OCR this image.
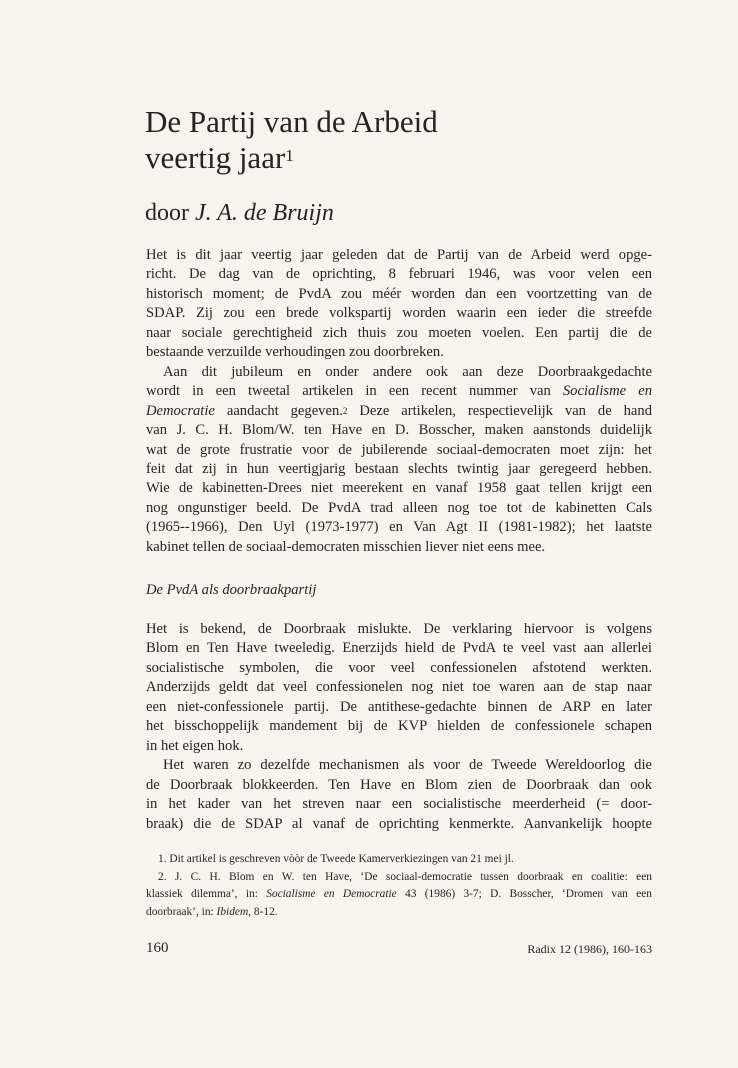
De Partij van de Arbeid
veertig jaar$^1$
door J. A. de Bruijn
Het is dit jaar veertig jaar geleden dat de Partij van de Arbeid werd opge-
richt. De dag van de oprichting, 8 februari 1946, was voor velen een
historisch moment; de PvdA zou méér worden dan een voortzetting van de
SDAP. Zij zou een brede volkspartij worden waarin een ieder die streefde
naar sociale gerechtigheid zich thuis zou moeten voelen. Een partij die de
bestaande verzuilde verhoudingen zou doorbreken.
Aan dit jubileum en onder andere ook aan deze Doorbraakgedachte
wordt in een tweetal artikelen in een recent nummer van Socialisme en
Democratie aandacht gegeven.$^2$ Deze artikelen, respectievelijk van de hand
van J. C. H. Blom/W. ten Have en D. Bosscher, maken aanstonds duidelijk
wat de grote frustratie voor de jubilerende sociaal-democraten moet zijn: het
feit dat zij in hun veertigjarig bestaan slechts twintig jaar geregeerd hebben.
Wie de kabinetten-Drees niet meerekent en vanaf 1958 gaat tellen krijgt een
nog ongunstiger beeld. De PvdA trad alleen nog toe tot de kabinetten Cals
(1965--1966), Den Uyl (1973-1977) en Van Agt II (1981-1982); het laatste
kabinet tellen de sociaal-democraten misschien liever niet eens mee.
De PvdA als doorbraakpartij
Het is bekend, de Doorbraak mislukte. De verklaring hiervoor is volgens
Blom en Ten Have tweeledig. Enerzijds hield de PvdA te veel vast aan allerlei
socialistische symbolen, die voor veel confessionelen afstotend werkten.
Anderzijds geldt dat veel confessionelen nog niet toe waren aan de stap naar
een niet-confessionele partij. De antithese-gedachte binnen de ARP en later
het bisschoppelijk mandement bij de KVP hielden de confessionele schapen
in het eigen hok.
Het waren zo dezelfde mechanismen als voor de Tweede Wereldoorlog die
de Doorbraak blokkeerden. Ten Have en Blom zien de Doorbraak dan ook
in het kader van het streven naar een socialistische meerderheid (= door-
braak) die de SDAP al vanaf de oprichting kenmerkte. Aanvankelijk hoopte
1. Dit artikel is geschreven vòòr de Tweede Kamerverkiezingen van 21 mei jl.
2. J. C. H. Blom en W. ten Have, ‘De sociaal-democratie tussen doorbraak en coalitie: een
klassiek dilemma’, in: Socialisme en Democratie 43 (1986) 3-7; D. Bosscher, ‘Dromen van een
doorbraak’, in: Ibidem, 8-12.
160	Radix 12 (1986), 160-163
